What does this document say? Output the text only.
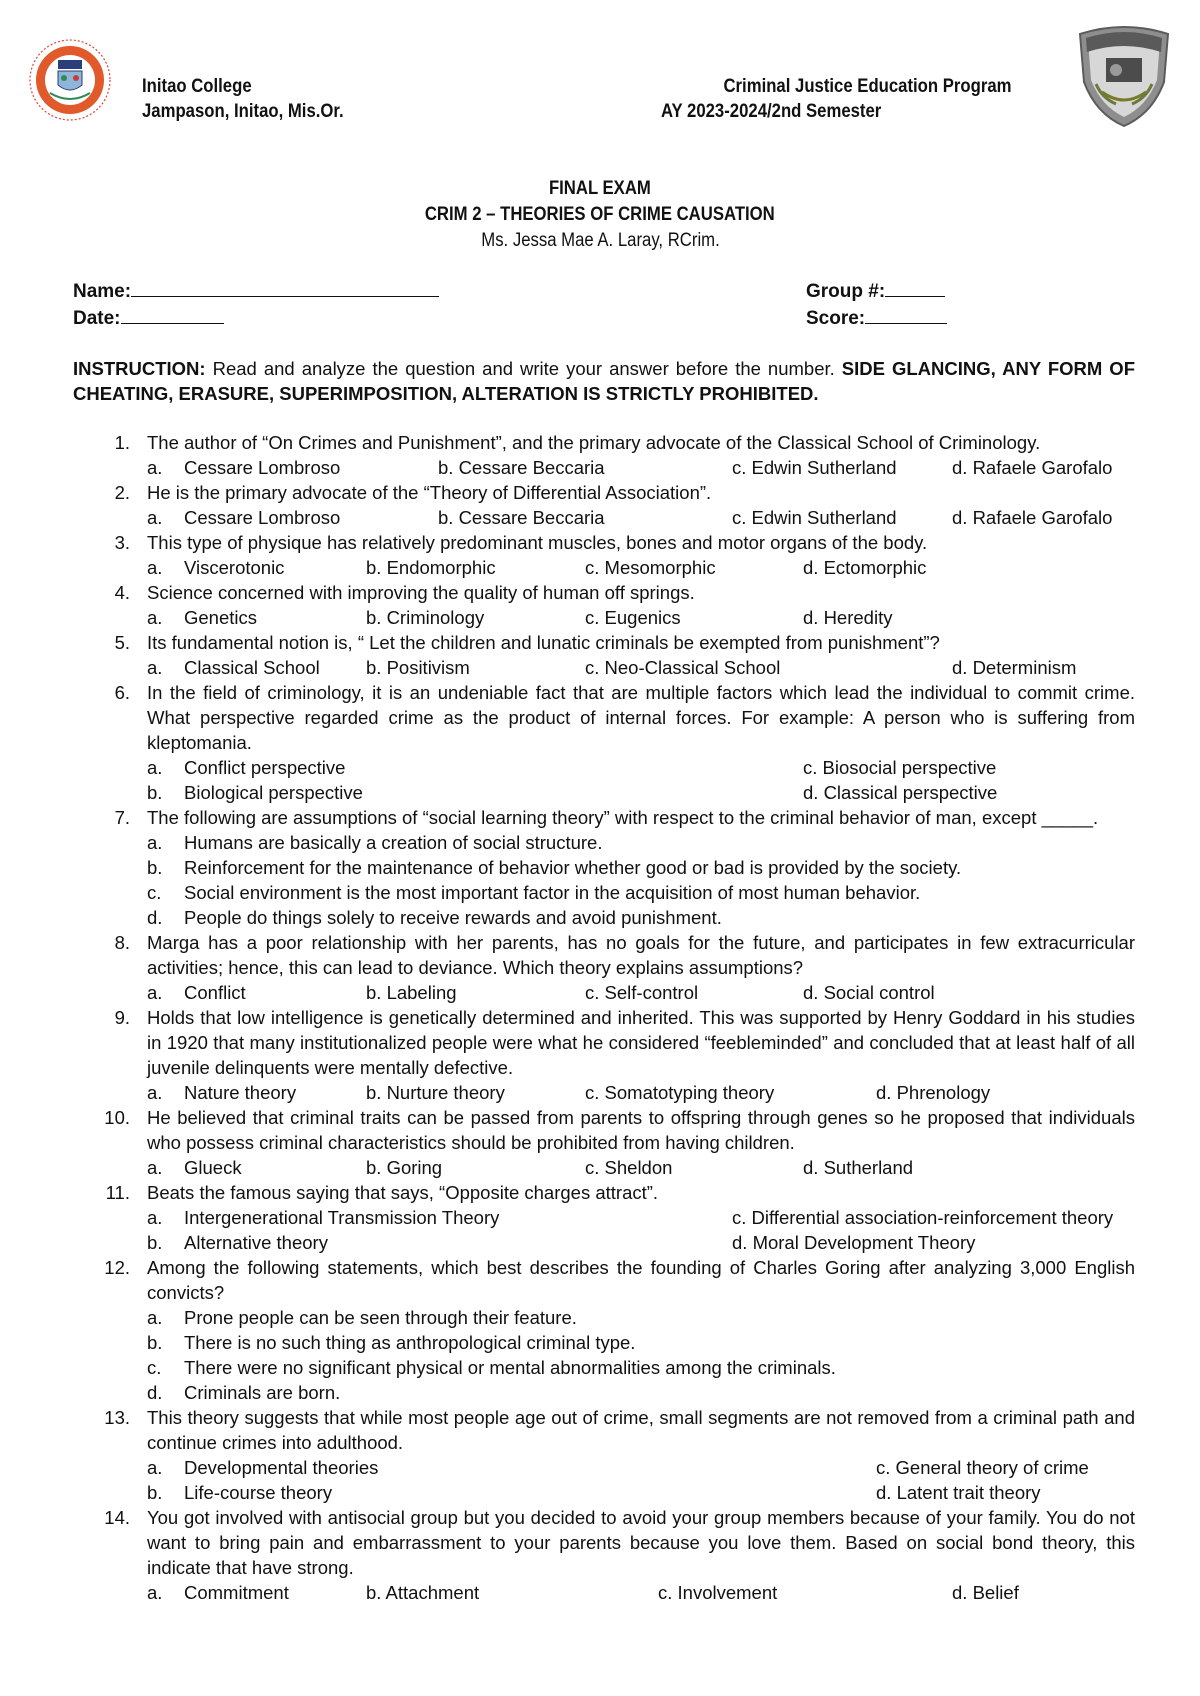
Initao College
Jampason, Initao, Mis.Or.
Criminal Justice Education Program
AY 2023-2024/2nd Semester
FINAL EXAM
CRIM 2 – THEORIES OF CRIME CAUSATION
Ms. Jessa Mae A. Laray, RCrim.
Name:
Date:
Group #:
Score:
INSTRUCTION: Read and analyze the question and write your answer before the number. SIDE GLANCING, ANY FORM OF CHEATING, ERASURE, SUPERIMPOSITION, ALTERATION IS STRICTLY PROHIBITED.
1. The author of “On Crimes and Punishment”, and the primary advocate of the Classical School of Criminology.
a. Cessare Lombroso	b. Cessare Beccaria	c. Edwin Sutherland	d. Rafaele Garofalo
2. He is the primary advocate of the “Theory of Differential Association”.
a. Cessare Lombroso	b. Cessare Beccaria	c. Edwin Sutherland	d. Rafaele Garofalo
3. This type of physique has relatively predominant muscles, bones and motor organs of the body.
a. Viscerotonic	b. Endomorphic	c. Mesomorphic	d. Ectomorphic
4. Science concerned with improving the quality of human off springs.
a. Genetics	b. Criminology	c. Eugenics	d. Heredity
5. Its fundamental notion is, “ Let the children and lunatic criminals be exempted from punishment”?
a. Classical School	b. Positivism	c. Neo-Classical School	d. Determinism
6. In the field of criminology, it is an undeniable fact that are multiple factors which lead the individual to commit crime. What perspective regarded crime as the product of internal forces. For example: A person who is suffering from kleptomania.
a. Conflict perspective	c. Biosocial perspective
b. Biological perspective	d. Classical perspective
7. The following are assumptions of “social learning theory” with respect to the criminal behavior of man, except _____.
a. Humans are basically a creation of social structure.
b. Reinforcement for the maintenance of behavior whether good or bad is provided by the society.
c. Social environment is the most important factor in the acquisition of most human behavior.
d. People do things solely to receive rewards and avoid punishment.
8. Marga has a poor relationship with her parents, has no goals for the future, and participates in few extracurricular activities; hence, this can lead to deviance. Which theory explains assumptions?
a. Conflict	b. Labeling	c. Self-control	d. Social control
9. Holds that low intelligence is genetically determined and inherited. This was supported by Henry Goddard in his studies in 1920 that many institutionalized people were what he considered “feebleminded” and concluded that at least half of all juvenile delinquents were mentally defective.
a. Nature theory	b. Nurture theory	c. Somatotyping theory	d. Phrenology
10. He believed that criminal traits can be passed from parents to offspring through genes so he proposed that individuals who possess criminal characteristics should be prohibited from having children.
a. Glueck	b. Goring	c. Sheldon	d. Sutherland
11. Beats the famous saying that says, “Opposite charges attract”.
a. Intergenerational Transmission Theory	c. Differential association-reinforcement theory
b. Alternative theory	d. Moral Development Theory
12. Among the following statements, which best describes the founding of Charles Goring after analyzing 3,000 English convicts?
a. Prone people can be seen through their feature.
b. There is no such thing as anthropological criminal type.
c. There were no significant physical or mental abnormalities among the criminals.
d. Criminals are born.
13. This theory suggests that while most people age out of crime, small segments are not removed from a criminal path and continue crimes into adulthood.
a. Developmental theories	c. General theory of crime
b. Life-course theory	d. Latent trait theory
14. You got involved with antisocial group but you decided to avoid your group members because of your family. You do not want to bring pain and embarrassment to your parents because you love them. Based on social bond theory, this indicate that have strong.
a. Commitment	b. Attachment	c. Involvement	d. Belief
